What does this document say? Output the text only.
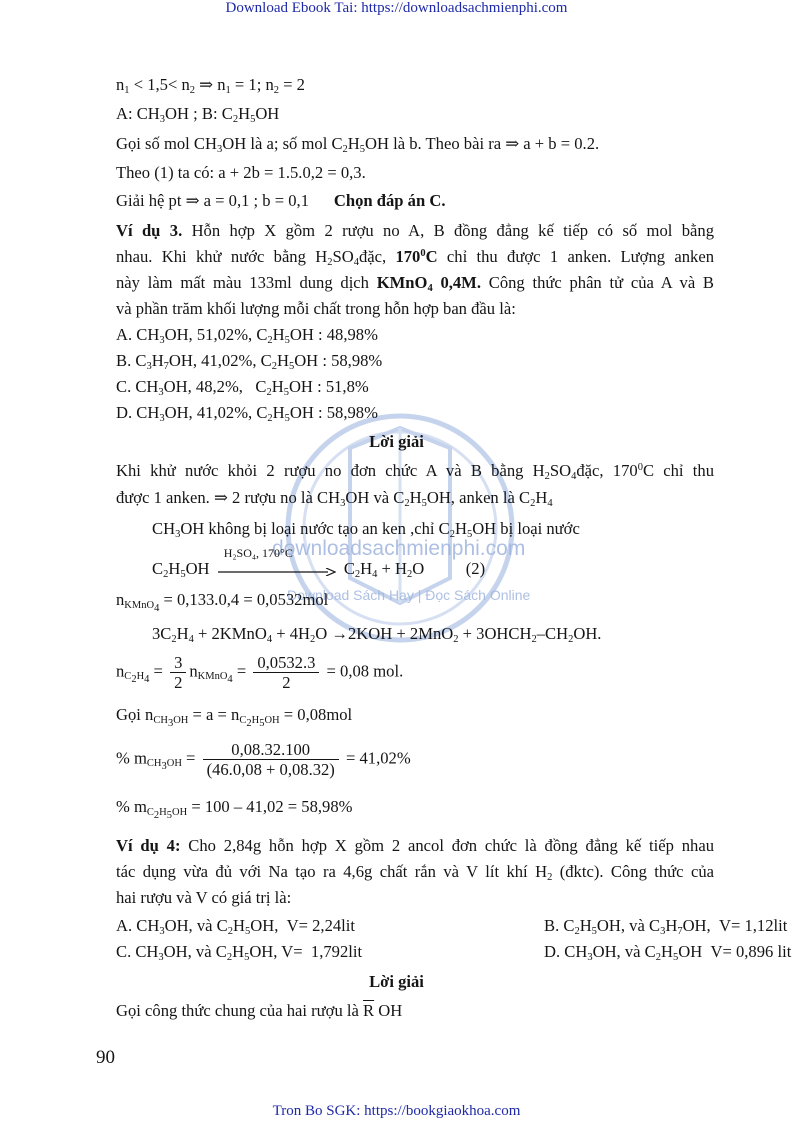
Download Ebook Tai: https://downloadsachmienphi.com
downloadsachmienphi.com
Download Sách Hay | Đọc Sách Online
$n_1 < 1,5< n_2$ ⇒ $n_1 = 1$; $n_2 = 2$
A: $CH_3OH$ ; B: $C_2H_5OH$
Gọi số mol $CH_3OH$ là a; số mol $C_2H_5OH$ là b. Theo bài ra ⇒ a + b = 0.2.
Theo (1) ta có: a + 2b = 1.5.0,2 = 0,3.
Giải hệ pt ⇒ a = 0,1 ; b = 0,1      Chọn đáp án C.
Ví dụ 3. Hỗn hợp X gồm 2 rượu no A, B đồng đẳng kế tiếp có số mol bằng
nhau. Khi khử nước bằng $H_2SO_4đặc$, $170^0C$ chỉ thu được 1 anken. Lượng anken
này làm mất màu 133ml dung dịch KMnO$_4$ 0,4M. Công thức phân tử của A và B
và phần trăm khối lượng mỗi chất trong hỗn hợp ban đầu là:
A. $CH_3OH$, 51,02%, $C_2H_5OH$ : 48,98%
B. $C_3H_7OH$, 41,02%, $C_2H_5OH$ : 58,98%
C. $CH_3OH$, 48,2%,   $C_2H_5OH$ : 51,8%
D. $CH_3OH$, 41,02%, $C_2H_5OH$ : 58,98%
Lời giải
Khi khử nước khỏi 2 rượu no đơn chức A và B bằng $H_2SO_4đặc$, $170^0C$ chỉ thu
được 1 anken. ⇒ 2 rượu no là $CH_3OH$ và $C_2H_5OH$, anken là $C_2H_4$
$CH_3OH$ không bị loại nước tạo an ken ,chỉ $C_2H_5OH$ bị loại nước
$C_2H_5OH$
H₂SO₄, 170°C
$C_2H_4 + H_2O$          (2)
$n_{KMnO_4} = 0,133.0,4 = 0,0532mol$
$3C_2H_4$ + 2KMnO$_4$ + $4H_2O \to 2KOH + 2MnO_2$ + $3OHCH_2-CH_2OH$.
$n_{C_2H_4} = \frac{3}{2} n_{KMnO_4} = \frac{0,0532.3}{2} = 0,08$ mol.
Gọi $n_{CH_3OH} = a = n_{C_2H_5OH} = 0,08mol$
% $m_{CH_3OH} = \frac{0,08.32.100}{(46.0,08 + 0,08.32)} = 41,02\%$
% $m_{C_2H_5OH} = 100 - 41,02 = 58,98\%$
Ví dụ 4: Cho 2,84g hỗn hợp X gồm 2 ancol đơn chức là đồng đẳng kế tiếp nhau
tác dụng vừa đủ với Na tạo ra 4,6g chất rắn và V lít khí $H_2$ (đktc). Công thức của
hai rượu và V có giá trị là:
A. $CH_3OH$, và $C_2H_5OH$,  V= 2,24lit	B. $C_2H_5OH$, và $C_3H_7OH$,  V= 1,12lit
C. $CH_3OH$, và $C_2H_5OH$, V=  1,792lit	D. $CH_3OH$, và $C_2H_5OH$  V= 0,896 lit
Lời giải
Gọi công thức chung của hai rượu là $\overline{R}$ OH
90
Tron Bo SGK: https://bookgiaokhoa.com
